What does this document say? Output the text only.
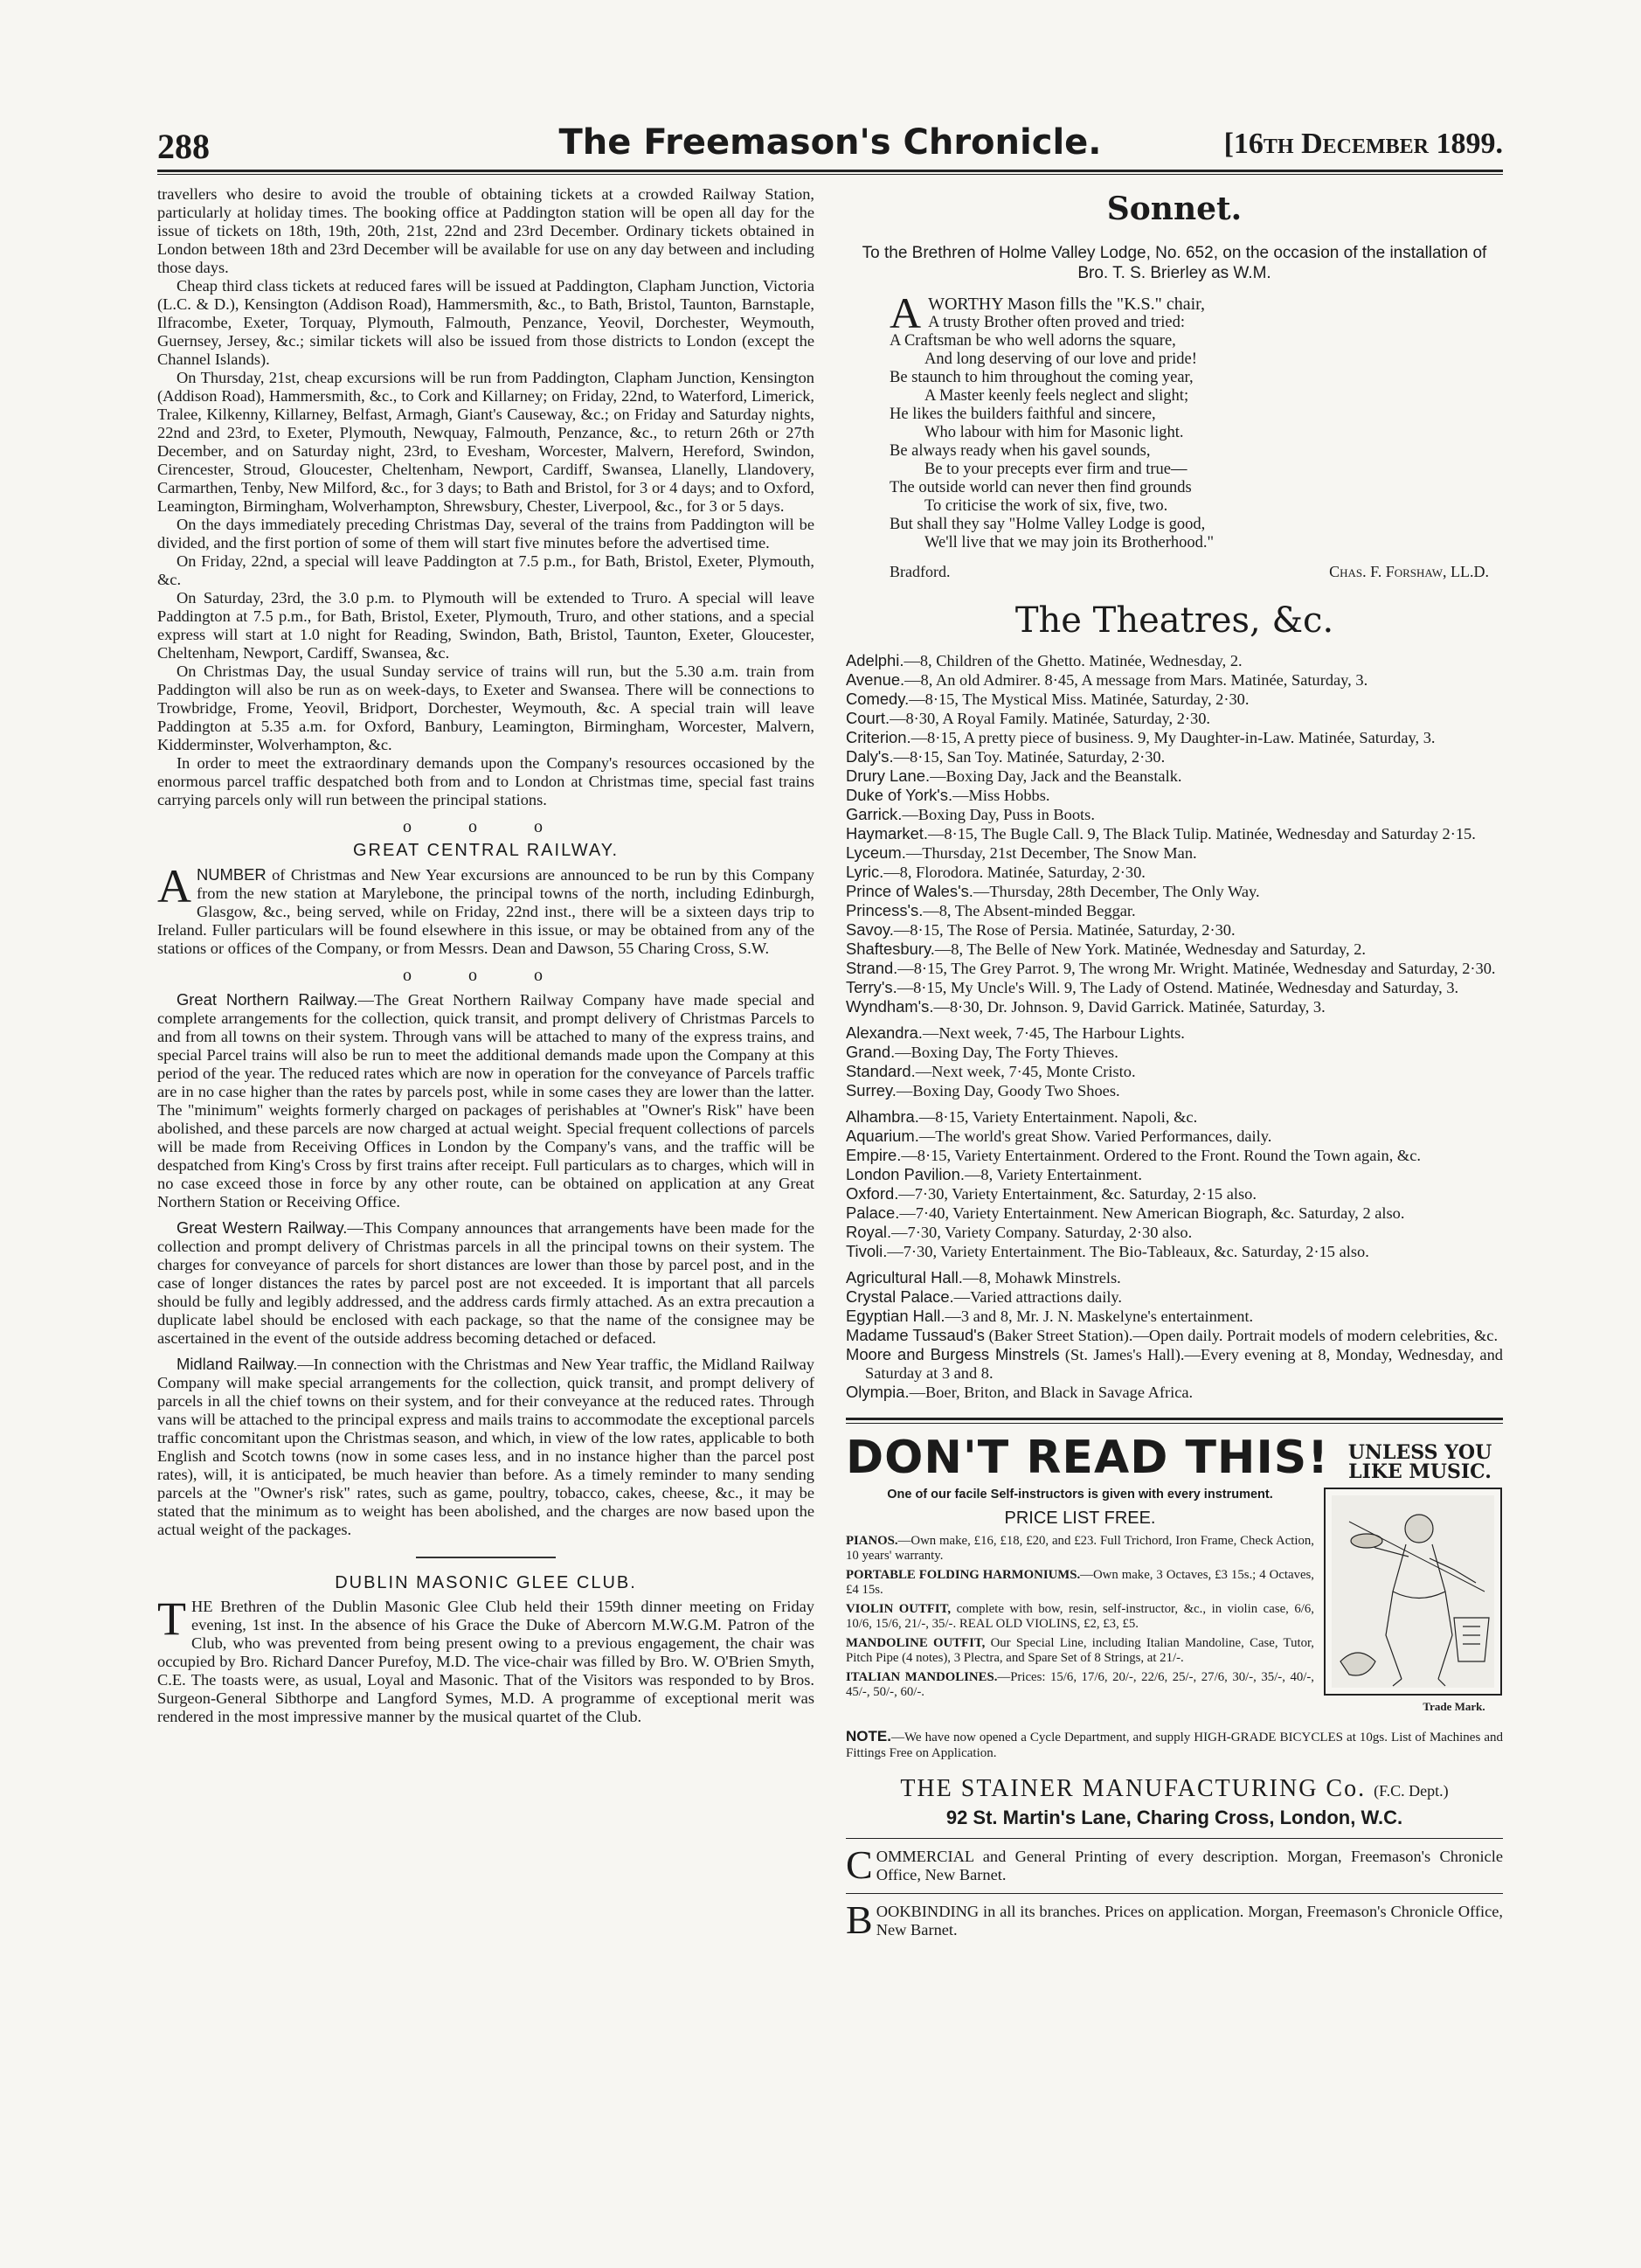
288	The Freemason's Chronicle.	[16th December 1899.

travellers who desire to avoid the trouble of obtaining tickets at a crowded Railway Station, particularly at holiday times. The booking office at Paddington station will be open all day for the issue of tickets on 18th, 19th, 20th, 21st, 22nd and 23rd December. Ordinary tickets obtained in London between 18th and 23rd December will be available for use on any day between and including those days.

Cheap third class tickets at reduced fares will be issued at Paddington, Clapham Junction, Victoria (L.C. & D.), Kensington (Addison Road), Hammersmith, &c., to Bath, Bristol, Taunton, Barnstaple, Ilfracombe, Exeter, Torquay, Plymouth, Falmouth, Penzance, Yeovil, Dorchester, Weymouth, Guernsey, Jersey, &c.; similar tickets will also be issued from those districts to London (except the Channel Islands).

On Thursday, 21st, cheap excursions will be run from Paddington, Clapham Junction, Kensington (Addison Road), Hammersmith, &c., to Cork and Killarney; on Friday, 22nd, to Waterford, Limerick, Tralee, Kilkenny, Killarney, Belfast, Armagh, Giant's Causeway, &c.; on Friday and Saturday nights, 22nd and 23rd, to Exeter, Plymouth, Newquay, Falmouth, Penzance, &c., to return 26th or 27th December, and on Saturday night, 23rd, to Evesham, Worcester, Malvern, Hereford, Swindon, Cirencester, Stroud, Gloucester, Cheltenham, Newport, Cardiff, Swansea, Llanelly, Llandovery, Carmarthen, Tenby, New Milford, &c., for 3 days; to Bath and Bristol, for 3 or 4 days; and to Oxford, Leamington, Birmingham, Wolverhampton, Shrewsbury, Chester, Liverpool, &c., for 3 or 5 days.

On the days immediately preceding Christmas Day, several of the trains from Paddington will be divided, and the first portion of some of them will start five minutes before the advertised time.

On Friday, 22nd, a special will leave Paddington at 7.5 p.m., for Bath, Bristol, Exeter, Plymouth, &c.

On Saturday, 23rd, the 3.0 p.m. to Plymouth will be extended to Truro. A special will leave Paddington at 7.5 p.m., for Bath, Bristol, Exeter, Plymouth, Truro, and other stations, and a special express will start at 1.0 night for Reading, Swindon, Bath, Bristol, Taunton, Exeter, Gloucester, Cheltenham, Newport, Cardiff, Swansea, &c.

On Christmas Day, the usual Sunday service of trains will run, but the 5.30 a.m. train from Paddington will also be run as on week-days, to Exeter and Swansea. There will be connections to Trowbridge, Frome, Yeovil, Bridport, Dorchester, Weymouth, &c. A special train will leave Paddington at 5.35 a.m. for Oxford, Banbury, Leamington, Birmingham, Worcester, Malvern, Kidderminster, Wolverhampton, &c.

In order to meet the extraordinary demands upon the Company's resources occasioned by the enormous parcel traffic despatched both from and to London at Christmas time, special fast trains carrying parcels only will run between the principal stations.

o o o
GREAT CENTRAL RAILWAY.

A NUMBER of Christmas and New Year excursions are announced to be run by this Company from the new station at Marylebone, the principal towns of the north, including Edinburgh, Glasgow, &c., being served, while on Friday, 22nd inst., there will be a sixteen days trip to Ireland. Fuller particulars will be found elsewhere in this issue, or may be obtained from any of the stations or offices of the Company, or from Messrs. Dean and Dawson, 55 Charing Cross, S.W.

o o o

Great Northern Railway.—The Great Northern Railway Company have made special and complete arrangements for the collection, quick transit, and prompt delivery of Christmas Parcels to and from all towns on their system. Through vans will be attached to many of the express trains, and special Parcel trains will also be run to meet the additional demands made upon the Company at this period of the year. The reduced rates which are now in operation for the conveyance of Parcels traffic are in no case higher than the rates by parcels post, while in some cases they are lower than the latter. The "minimum" weights formerly charged on packages of perishables at "Owner's Risk" have been abolished, and these parcels are now charged at actual weight. Special frequent collections of parcels will be made from Receiving Offices in London by the Company's vans, and the traffic will be despatched from King's Cross by first trains after receipt. Full particulars as to charges, which will in no case exceed those in force by any other route, can be obtained on application at any Great Northern Station or Receiving Office.

Great Western Railway.—This Company announces that arrangements have been made for the collection and prompt delivery of Christmas parcels in all the principal towns on their system. The charges for conveyance of parcels for short distances are lower than those by parcel post, and in the case of longer distances the rates by parcel post are not exceeded. It is important that all parcels should be fully and legibly addressed, and the address cards firmly attached. As an extra precaution a duplicate label should be enclosed with each package, so that the name of the consignee may be ascertained in the event of the outside address becoming detached or defaced.

Midland Railway.—In connection with the Christmas and New Year traffic, the Midland Railway Company will make special arrangements for the collection, quick transit, and prompt delivery of parcels in all the chief towns on their system, and for their conveyance at the reduced rates. Through vans will be attached to the principal express and mails trains to accommodate the exceptional parcels traffic concomitant upon the Christmas season, and which, in view of the low rates, applicable to both English and Scotch towns (now in some cases less, and in no instance higher than the parcel post rates), will, it is anticipated, be much heavier than before. As a timely reminder to many sending parcels at the "Owner's risk" rates, such as game, poultry, tobacco, cakes, cheese, &c., it may be stated that the minimum as to weight has been abolished, and the charges are now based upon the actual weight of the packages.

DUBLIN MASONIC GLEE CLUB.

T HE Brethren of the Dublin Masonic Glee Club held their 159th dinner meeting on Friday evening, 1st inst. In the absence of his Grace the Duke of Abercorn M.W.G.M. Patron of the Club, who was prevented from being present owing to a previous engagement, the chair was occupied by Bro. Richard Dancer Purefoy, M.D. The vice-chair was filled by Bro. W. O'Brien Smyth, C.E. The toasts were, as usual, Loyal and Masonic. That of the Visitors was responded to by Bros. Surgeon-General Sibthorpe and Langford Symes, M.D. A programme of exceptional merit was rendered in the most impressive manner by the musical quartet of the Club.

Sonnet.
To the Brethren of Holme Valley Lodge, No. 652, on the occasion of the installation of Bro. T. S. Brierley as W.M.
A WORTHY Mason fills the "K.S." chair,
A trusty Brother often proved and tried:
A Craftsman be who well adorns the square,
And long deserving of our love and pride!
Be staunch to him throughout the coming year,
A Master keenly feels neglect and slight;
He likes the builders faithful and sincere,
Who labour with him for Masonic light.
Be always ready when his gavel sounds,
Be to your precepts ever firm and true—
The outside world can never then find grounds
To criticise the work of six, five, two.
But shall they say "Holme Valley Lodge is good,
We'll live that we may join its Brotherhood."
Bradford.	Chas. F. Forshaw, LL.D.
The Theatres, &c.

Adelphi.—8, Children of the Ghetto. Matinée, Wednesday, 2.

Avenue.—8, An old Admirer. 8·45, A message from Mars. Matinée, Saturday, 3.

Comedy.—8·15, The Mystical Miss. Matinée, Saturday, 2·30.

Court.—8·30, A Royal Family. Matinée, Saturday, 2·30.

Criterion.—8·15, A pretty piece of business. 9, My Daughter-in-Law. Matinée, Saturday, 3.

Daly's.—8·15, San Toy. Matinée, Saturday, 2·30.

Drury Lane.—Boxing Day, Jack and the Beanstalk.

Duke of York's.—Miss Hobbs.

Garrick.—Boxing Day, Puss in Boots.

Haymarket.—8·15, The Bugle Call. 9, The Black Tulip. Matinée, Wednesday and Saturday 2·15.

Lyceum.—Thursday, 21st December, The Snow Man.

Lyric.—8, Florodora. Matinée, Saturday, 2·30.

Prince of Wales's.—Thursday, 28th December, The Only Way.

Princess's.—8, The Absent-minded Beggar.

Savoy.—8·15, The Rose of Persia. Matinée, Saturday, 2·30.

Shaftesbury.—8, The Belle of New York. Matinée, Wednesday and Saturday, 2.

Strand.—8·15, The Grey Parrot. 9, The wrong Mr. Wright. Matinée, Wednesday and Saturday, 2·30.

Terry's.—8·15, My Uncle's Will. 9, The Lady of Ostend. Matinée, Wednesday and Saturday, 3.

Wyndham's.—8·30, Dr. Johnson. 9, David Garrick. Matinée, Saturday, 3.

Alexandra.—Next week, 7·45, The Harbour Lights.

Grand.—Boxing Day, The Forty Thieves.

Standard.—Next week, 7·45, Monte Cristo.

Surrey.—Boxing Day, Goody Two Shoes.

Alhambra.—8·15, Variety Entertainment. Napoli, &c.

Aquarium.—The world's great Show. Varied Performances, daily.

Empire.—8·15, Variety Entertainment. Ordered to the Front. Round the Town again, &c.

London Pavilion.—8, Variety Entertainment.

Oxford.—7·30, Variety Entertainment, &c. Saturday, 2·15 also.

Palace.—7·40, Variety Entertainment. New American Biograph, &c. Saturday, 2 also.

Royal.—7·30, Variety Company. Saturday, 2·30 also.

Tivoli.—7·30, Variety Entertainment. The Bio-Tableaux, &c. Saturday, 2·15 also.

Agricultural Hall.—8, Mohawk Minstrels.

Crystal Palace.—Varied attractions daily.

Egyptian Hall.—3 and 8, Mr. J. N. Maskelyne's entertainment.

Madame Tussaud's (Baker Street Station).—Open daily. Portrait models of modern celebrities, &c.

Moore and Burgess Minstrels (St. James's Hall).—Every evening at 8, Monday, Wednesday, and Saturday at 3 and 8.

Olympia.—Boer, Briton, and Black in Savage Africa.

DON'T READ THIS! UNLESS YOU LIKE MUSIC.
One of our facile Self-instructors is given with every instrument.
PRICE LIST FREE.

PIANOS.—Own make, £16, £18, £20, and £23. Full Trichord, Iron Frame, Check Action, 10 years' warranty.

PORTABLE FOLDING HARMONIUMS.—Own make, 3 Octaves, £3 15s.; 4 Octaves, £4 15s.

VIOLIN OUTFIT, complete with bow, resin, self-instructor, &c., in violin case, 6/6, 10/6, 15/6, 21/-, 35/-. REAL OLD VIOLINS, £2, £3, £5.

MANDOLINE OUTFIT, Our Special Line, including Italian Mandoline, Case, Tutor, Pitch Pipe (4 notes), 3 Plectra, and Spare Set of 8 Strings, at 21/-.

ITALIAN MANDOLINES.—Prices: 15/6, 17/6, 20/-, 22/6, 25/-, 27/6, 30/-, 35/-, 40/-, 45/-, 50/-, 60/-.

Trade Mark.

NOTE.—We have now opened a Cycle Department, and supply HIGH-GRADE BICYCLES at 10gs. List of Machines and Fittings Free on Application.

THE STAINER MANUFACTURING Co. (F.C. Dept.)
92 St. Martin's Lane, Charing Cross, London, W.C.

C OMMERCIAL and General Printing of every description. Morgan, Freemason's Chronicle Office, New Barnet.

B OOKBINDING in all its branches. Prices on application. Morgan, Freemason's Chronicle Office, New Barnet.
